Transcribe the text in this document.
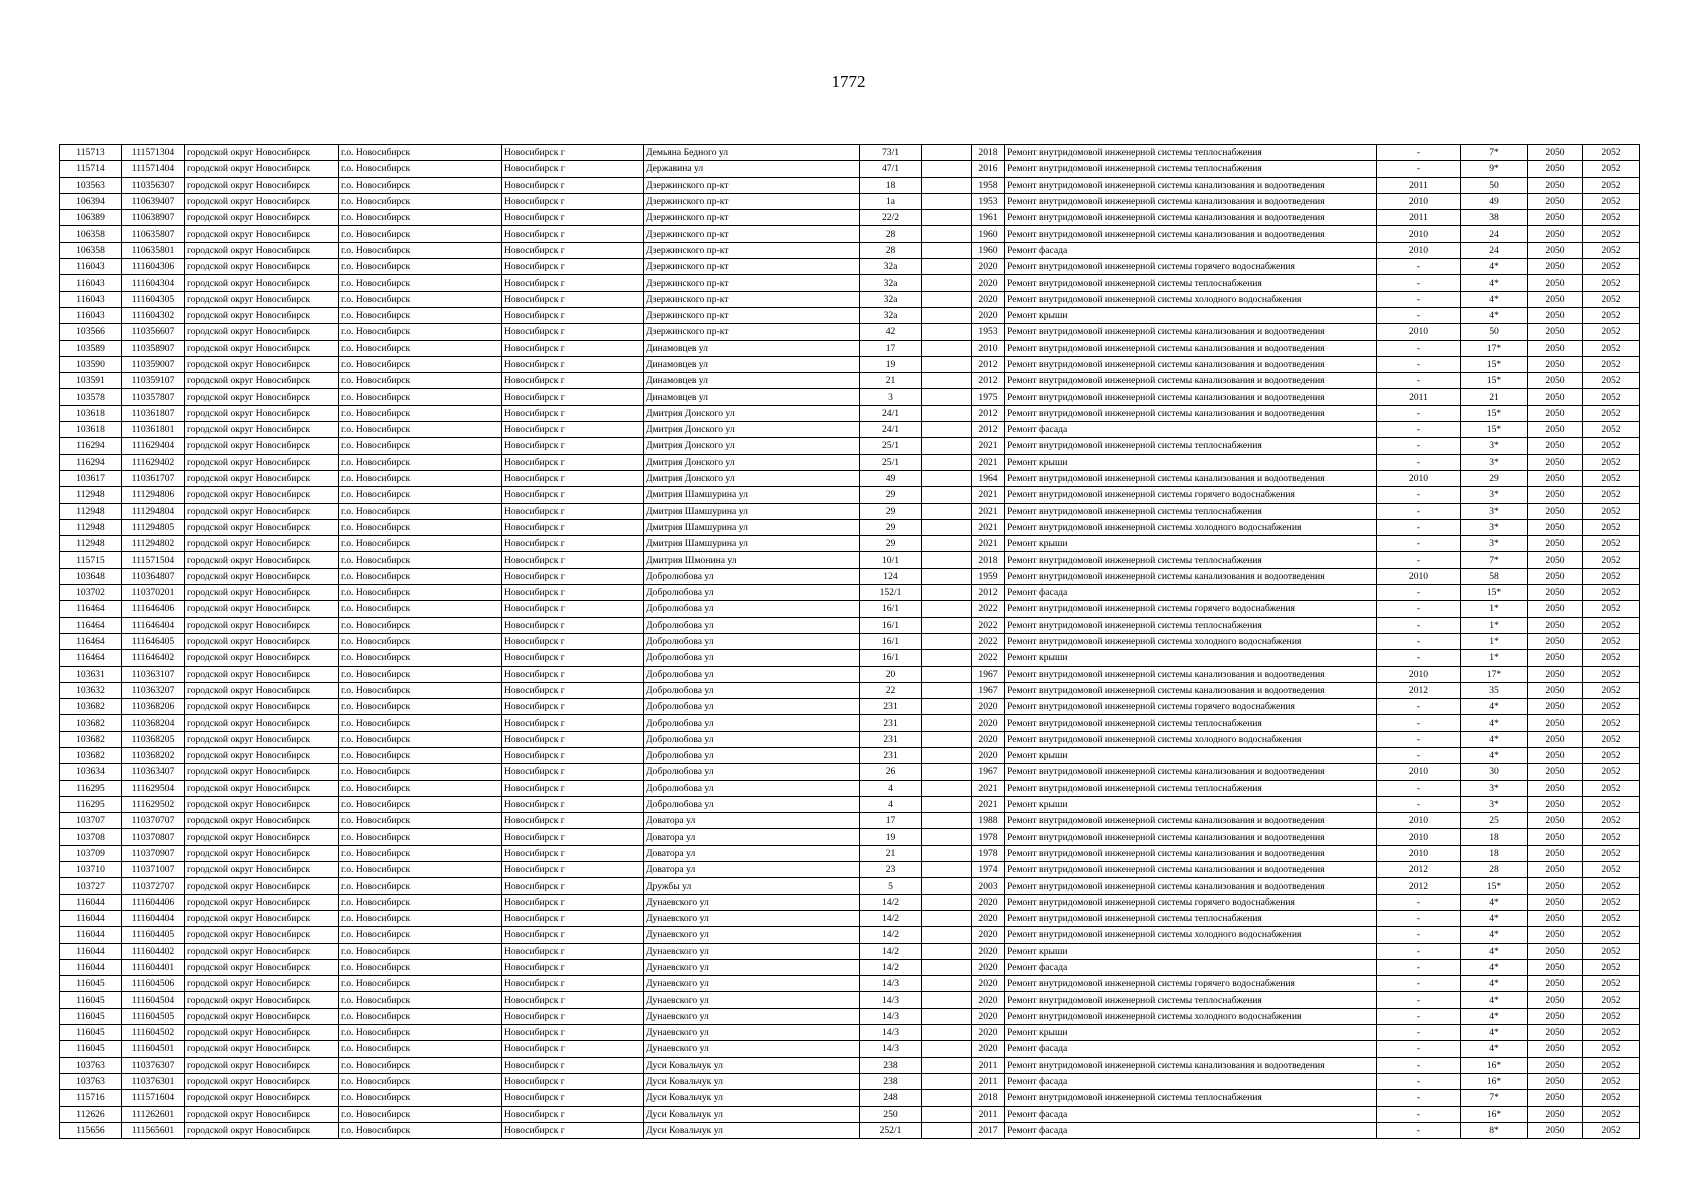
1772
115713	111571304	городской округ Новосибирск	г.о. Новосибирск	Новосибирск г	Демьяна Бедного ул	73/1		2018	Ремонт внутридомовой инженерной системы теплоснабжения	-	7*	2050	2052
115714	111571404	городской округ Новосибирск	г.о. Новосибирск	Новосибирск г	Державина ул	47/1		2016	Ремонт внутридомовой инженерной системы теплоснабжения	-	9*	2050	2052
103563	110356307	городской округ Новосибирск	г.о. Новосибирск	Новосибирск г	Дзержинского пр-кт	18		1958	Ремонт внутридомовой инженерной системы канализования и водоотведения	2011	50	2050	2052
106394	110639407	городской округ Новосибирск	г.о. Новосибирск	Новосибирск г	Дзержинского пр-кт	1а		1953	Ремонт внутридомовой инженерной системы канализования и водоотведения	2010	49	2050	2052
106389	110638907	городской округ Новосибирск	г.о. Новосибирск	Новосибирск г	Дзержинского пр-кт	22/2		1961	Ремонт внутридомовой инженерной системы канализования и водоотведения	2011	38	2050	2052
106358	110635807	городской округ Новосибирск	г.о. Новосибирск	Новосибирск г	Дзержинского пр-кт	28		1960	Ремонт внутридомовой инженерной системы канализования и водоотведения	2010	24	2050	2052
106358	110635801	городской округ Новосибирск	г.о. Новосибирск	Новосибирск г	Дзержинского пр-кт	28		1960	Ремонт фасада	2010	24	2050	2052
116043	111604306	городской округ Новосибирск	г.о. Новосибирск	Новосибирск г	Дзержинского пр-кт	32а		2020	Ремонт внутридомовой инженерной системы горячего водоснабжения	-	4*	2050	2052
116043	111604304	городской округ Новосибирск	г.о. Новосибирск	Новосибирск г	Дзержинского пр-кт	32а		2020	Ремонт внутридомовой инженерной системы теплоснабжения	-	4*	2050	2052
116043	111604305	городской округ Новосибирск	г.о. Новосибирск	Новосибирск г	Дзержинского пр-кт	32а		2020	Ремонт внутридомовой инженерной системы холодного водоснабжения	-	4*	2050	2052
116043	111604302	городской округ Новосибирск	г.о. Новосибирск	Новосибирск г	Дзержинского пр-кт	32а		2020	Ремонт крыши	-	4*	2050	2052
103566	110356607	городской округ Новосибирск	г.о. Новосибирск	Новосибирск г	Дзержинского пр-кт	42		1953	Ремонт внутридомовой инженерной системы канализования и водоотведения	2010	50	2050	2052
103589	110358907	городской округ Новосибирск	г.о. Новосибирск	Новосибирск г	Динамовцев ул	17		2010	Ремонт внутридомовой инженерной системы канализования и водоотведения	-	17*	2050	2052
103590	110359007	городской округ Новосибирск	г.о. Новосибирск	Новосибирск г	Динамовцев ул	19		2012	Ремонт внутридомовой инженерной системы канализования и водоотведения	-	15*	2050	2052
103591	110359107	городской округ Новосибирск	г.о. Новосибирск	Новосибирск г	Динамовцев ул	21		2012	Ремонт внутридомовой инженерной системы канализования и водоотведения	-	15*	2050	2052
103578	110357807	городской округ Новосибирск	г.о. Новосибирск	Новосибирск г	Динамовцев ул	3		1975	Ремонт внутридомовой инженерной системы канализования и водоотведения	2011	21	2050	2052
103618	110361807	городской округ Новосибирск	г.о. Новосибирск	Новосибирск г	Дмитрия Донского ул	24/1		2012	Ремонт внутридомовой инженерной системы канализования и водоотведения	-	15*	2050	2052
103618	110361801	городской округ Новосибирск	г.о. Новосибирск	Новосибирск г	Дмитрия Донского ул	24/1		2012	Ремонт фасада	-	15*	2050	2052
116294	111629404	городской округ Новосибирск	г.о. Новосибирск	Новосибирск г	Дмитрия Донского ул	25/1		2021	Ремонт внутридомовой инженерной системы теплоснабжения	-	3*	2050	2052
116294	111629402	городской округ Новосибирск	г.о. Новосибирск	Новосибирск г	Дмитрия Донского ул	25/1		2021	Ремонт крыши	-	3*	2050	2052
103617	110361707	городской округ Новосибирск	г.о. Новосибирск	Новосибирск г	Дмитрия Донского ул	49		1964	Ремонт внутридомовой инженерной системы канализования и водоотведения	2010	29	2050	2052
112948	111294806	городской округ Новосибирск	г.о. Новосибирск	Новосибирск г	Дмитрия Шамшурина ул	29		2021	Ремонт внутридомовой инженерной системы горячего водоснабжения	-	3*	2050	2052
112948	111294804	городской округ Новосибирск	г.о. Новосибирск	Новосибирск г	Дмитрия Шамшурина ул	29		2021	Ремонт внутридомовой инженерной системы теплоснабжения	-	3*	2050	2052
112948	111294805	городской округ Новосибирск	г.о. Новосибирск	Новосибирск г	Дмитрия Шамшурина ул	29		2021	Ремонт внутридомовой инженерной системы холодного водоснабжения	-	3*	2050	2052
112948	111294802	городской округ Новосибирск	г.о. Новосибирск	Новосибирск г	Дмитрия Шамшурина ул	29		2021	Ремонт крыши	-	3*	2050	2052
115715	111571504	городской округ Новосибирск	г.о. Новосибирск	Новосибирск г	Дмитрия Шмонина ул	10/1		2018	Ремонт внутридомовой инженерной системы теплоснабжения	-	7*	2050	2052
103648	110364807	городской округ Новосибирск	г.о. Новосибирск	Новосибирск г	Добролюбова ул	124		1959	Ремонт внутридомовой инженерной системы канализования и водоотведения	2010	58	2050	2052
103702	110370201	городской округ Новосибирск	г.о. Новосибирск	Новосибирск г	Добролюбова ул	152/1		2012	Ремонт фасада	-	15*	2050	2052
116464	111646406	городской округ Новосибирск	г.о. Новосибирск	Новосибирск г	Добролюбова ул	16/1		2022	Ремонт внутридомовой инженерной системы горячего водоснабжения	-	1*	2050	2052
116464	111646404	городской округ Новосибирск	г.о. Новосибирск	Новосибирск г	Добролюбова ул	16/1		2022	Ремонт внутридомовой инженерной системы теплоснабжения	-	1*	2050	2052
116464	111646405	городской округ Новосибирск	г.о. Новосибирск	Новосибирск г	Добролюбова ул	16/1		2022	Ремонт внутридомовой инженерной системы холодного водоснабжения	-	1*	2050	2052
116464	111646402	городской округ Новосибирск	г.о. Новосибирск	Новосибирск г	Добролюбова ул	16/1		2022	Ремонт крыши	-	1*	2050	2052
103631	110363107	городской округ Новосибирск	г.о. Новосибирск	Новосибирск г	Добролюбова ул	20		1967	Ремонт внутридомовой инженерной системы канализования и водоотведения	2010	17*	2050	2052
103632	110363207	городской округ Новосибирск	г.о. Новосибирск	Новосибирск г	Добролюбова ул	22		1967	Ремонт внутридомовой инженерной системы канализования и водоотведения	2012	35	2050	2052
103682	110368206	городской округ Новосибирск	г.о. Новосибирск	Новосибирск г	Добролюбова ул	231		2020	Ремонт внутридомовой инженерной системы горячего водоснабжения	-	4*	2050	2052
103682	110368204	городской округ Новосибирск	г.о. Новосибирск	Новосибирск г	Добролюбова ул	231		2020	Ремонт внутридомовой инженерной системы теплоснабжения	-	4*	2050	2052
103682	110368205	городской округ Новосибирск	г.о. Новосибирск	Новосибирск г	Добролюбова ул	231		2020	Ремонт внутридомовой инженерной системы холодного водоснабжения	-	4*	2050	2052
103682	110368202	городской округ Новосибирск	г.о. Новосибирск	Новосибирск г	Добролюбова ул	231		2020	Ремонт крыши	-	4*	2050	2052
103634	110363407	городской округ Новосибирск	г.о. Новосибирск	Новосибирск г	Добролюбова ул	26		1967	Ремонт внутридомовой инженерной системы канализования и водоотведения	2010	30	2050	2052
116295	111629504	городской округ Новосибирск	г.о. Новосибирск	Новосибирск г	Добролюбова ул	4		2021	Ремонт внутридомовой инженерной системы теплоснабжения	-	3*	2050	2052
116295	111629502	городской округ Новосибирск	г.о. Новосибирск	Новосибирск г	Добролюбова ул	4		2021	Ремонт крыши	-	3*	2050	2052
103707	110370707	городской округ Новосибирск	г.о. Новосибирск	Новосибирск г	Доватора ул	17		1988	Ремонт внутридомовой инженерной системы канализования и водоотведения	2010	25	2050	2052
103708	110370807	городской округ Новосибирск	г.о. Новосибирск	Новосибирск г	Доватора ул	19		1978	Ремонт внутридомовой инженерной системы канализования и водоотведения	2010	18	2050	2052
103709	110370907	городской округ Новосибирск	г.о. Новосибирск	Новосибирск г	Доватора ул	21		1978	Ремонт внутридомовой инженерной системы канализования и водоотведения	2010	18	2050	2052
103710	110371007	городской округ Новосибирск	г.о. Новосибирск	Новосибирск г	Доватора ул	23		1974	Ремонт внутридомовой инженерной системы канализования и водоотведения	2012	28	2050	2052
103727	110372707	городской округ Новосибирск	г.о. Новосибирск	Новосибирск г	Дружбы ул	5		2003	Ремонт внутридомовой инженерной системы канализования и водоотведения	2012	15*	2050	2052
116044	111604406	городской округ Новосибирск	г.о. Новосибирск	Новосибирск г	Дунаевского ул	14/2		2020	Ремонт внутридомовой инженерной системы горячего водоснабжения	-	4*	2050	2052
116044	111604404	городской округ Новосибирск	г.о. Новосибирск	Новосибирск г	Дунаевского ул	14/2		2020	Ремонт внутридомовой инженерной системы теплоснабжения	-	4*	2050	2052
116044	111604405	городской округ Новосибирск	г.о. Новосибирск	Новосибирск г	Дунаевского ул	14/2		2020	Ремонт внутридомовой инженерной системы холодного водоснабжения	-	4*	2050	2052
116044	111604402	городской округ Новосибирск	г.о. Новосибирск	Новосибирск г	Дунаевского ул	14/2		2020	Ремонт крыши	-	4*	2050	2052
116044	111604401	городской округ Новосибирск	г.о. Новосибирск	Новосибирск г	Дунаевского ул	14/2		2020	Ремонт фасада	-	4*	2050	2052
116045	111604506	городской округ Новосибирск	г.о. Новосибирск	Новосибирск г	Дунаевского ул	14/3		2020	Ремонт внутридомовой инженерной системы горячего водоснабжения	-	4*	2050	2052
116045	111604504	городской округ Новосибирск	г.о. Новосибирск	Новосибирск г	Дунаевского ул	14/3		2020	Ремонт внутридомовой инженерной системы теплоснабжения	-	4*	2050	2052
116045	111604505	городской округ Новосибирск	г.о. Новосибирск	Новосибирск г	Дунаевского ул	14/3		2020	Ремонт внутридомовой инженерной системы холодного водоснабжения	-	4*	2050	2052
116045	111604502	городской округ Новосибирск	г.о. Новосибирск	Новосибирск г	Дунаевского ул	14/3		2020	Ремонт крыши	-	4*	2050	2052
116045	111604501	городской округ Новосибирск	г.о. Новосибирск	Новосибирск г	Дунаевского ул	14/3		2020	Ремонт фасада	-	4*	2050	2052
103763	110376307	городской округ Новосибирск	г.о. Новосибирск	Новосибирск г	Дуси Ковальчук ул	238		2011	Ремонт внутридомовой инженерной системы канализования и водоотведения	-	16*	2050	2052
103763	110376301	городской округ Новосибирск	г.о. Новосибирск	Новосибирск г	Дуси Ковальчук ул	238		2011	Ремонт фасада	-	16*	2050	2052
115716	111571604	городской округ Новосибирск	г.о. Новосибирск	Новосибирск г	Дуси Ковальчук ул	248		2018	Ремонт внутридомовой инженерной системы теплоснабжения	-	7*	2050	2052
112626	111262601	городской округ Новосибирск	г.о. Новосибирск	Новосибирск г	Дуси Ковальчук ул	250		2011	Ремонт фасада	-	16*	2050	2052
115656	111565601	городской округ Новосибирск	г.о. Новосибирск	Новосибирск г	Дуси Ковальчук ул	252/1		2017	Ремонт фасада	-	8*	2050	2052
